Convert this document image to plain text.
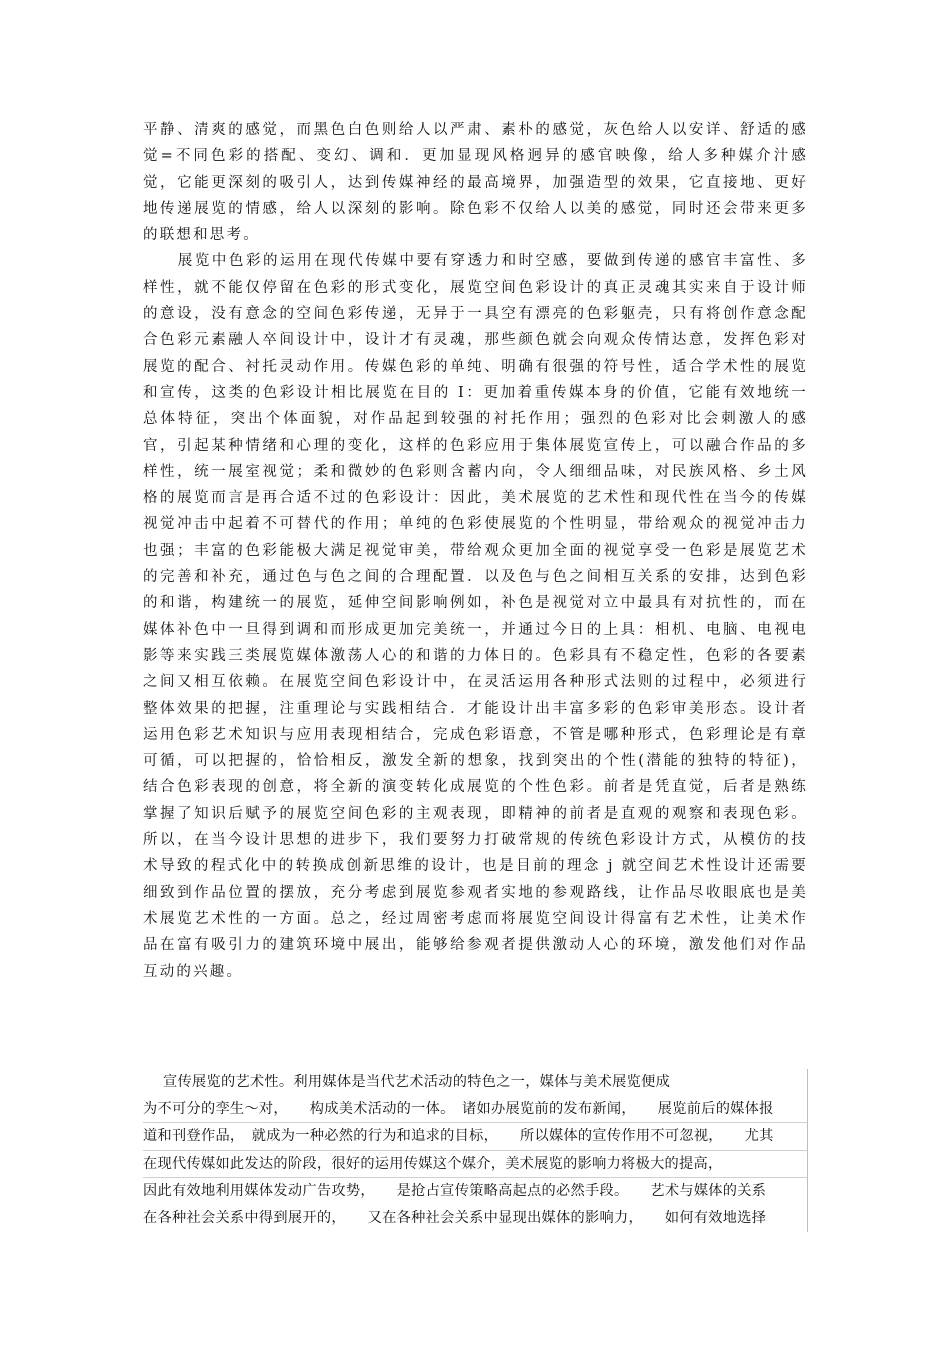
平静、清爽的感觉，而黑色白色则给人以严肃、素朴的感觉，灰色给人以安详、舒适的感觉=不同色彩的搭配、变幻、调和．更加显现风格迥异的感官映像，给人多种媒介汁感觉，它能更深刻的吸引人，达到传媒神经的最高境界，加强造型的效果，它直接地、更好地传递展览的情感，给人以深刻的影响。除色彩不仅给人以美的感觉，同时还会带来更多的联想和思考。

展览中色彩的运用在现代传媒中要有穿透力和时空感，要做到传递的感官丰富性、多样性，就不能仅停留在色彩的形式变化，展览空间色彩设计的真正灵魂其实来自于设计师的意设，没有意念的空间色彩传递，无异于一具空有漂亮的色彩躯壳，只有将创作意念配合色彩元素融人卒间设计中，设计才有灵魂，那些颜色就会向观众传情达意，发挥色彩对展览的配合、衬托灵动作用。传媒色彩的单纯、明确有很强的符号性，适合学术性的展览和宣传，这类的色彩设计相比展览在目的 I：更加着重传媒本身的价值，它能有效地统一总体特征，突出个体面貌，对作品起到较强的衬托作用；强烈的色彩对比会刺激人的感官，引起某种情绪和心理的变化，这样的色彩应用于集体展览宣传上，可以融合作品的多样性，统一展室视觉；柔和微妙的色彩则含蓄内向，令人细细品味，对民族风格、乡土风格的展览而言是再合适不过的色彩设计：因此，美术展览的艺术性和现代性在当今的传媒视觉冲击中起着不可替代的作用；单纯的色彩使展览的个性明显，带给观众的视觉冲击力也强；丰富的色彩能极大满足视觉审美，带给观众更加全面的视觉享受一色彩是展览艺术的完善和补充，通过色与色之间的合理配置．以及色与色之间相互关系的安排，达到色彩的和谐，构建统一的展览，延伸空间影响例如，补色是视觉对立中最具有对抗性的，而在媒体补色中一旦得到调和而形成更加完美统一，并通过今日的上具：相机、电脑、电视电影等来实践三类展览媒体激荡人心的和谐的力体日的。色彩具有不稳定性，色彩的各要素之间又相互依赖。在展览空间色彩设计中，在灵活运用各种形式法则的过程中，必须进行整体效果的把握，注重理论与实践相结合．才能设计出丰富多彩的色彩审美形态。设计者运用色彩艺术知识与应用表现相结合，完成色彩语意，不管是哪种形式，色彩理论是有章可循，可以把握的，恰恰相反，激发全新的想象，找到突出的个性(潜能的独特的特征)，结合色彩表现的创意，将全新的演变转化成展览的个性色彩。前者是凭直觉，后者是熟练掌握了知识后赋予的展览空间色彩的主观表现，即精神的前者是直观的观察和表现色彩。所以，在当今设计思想的进步下，我们要努力打破常规的传统色彩设计方式，从模仿的技术导致的程式化中的转换成创新思维的设计，也是目前的理念 j 就空间艺术性设计还需要细致到作品位置的摆放，充分考虑到展览参观者实地的参观路线，让作品尽收眼底也是美术展览艺术性的一方面。总之，经过周密考虑而将展览空间设计得富有艺术性，让美术作品在富有吸引力的建筑环境中展出，能够给参观者提供激动人心的环境，激发他们对作品互动的兴趣。

宣传展览的艺术性。利用媒体是当代艺术活动的特色之一，媒体与美术展览便成
为不可分的孪生～对，　　构成美术活动的一体。　诸如办展览前的发布新闻，　　展览前后的媒体报
道和刊登作品，　就成为一种必然的行为和追求的目标，　　所以媒体的宣传作用不可忽视，　　尤其
在现代传媒如此发达的阶段，很好的运用传媒这个媒介，美术展览的影响力将极大的提高，
因此有效地利用媒体发动广告攻势，　　是抢占宣传策略高起点的必然手段。　　艺术与媒体的关系
在各种社会关系中得到展开的，　　又在各种社会关系中显现出媒体的影响力，　　如何有效地选择
